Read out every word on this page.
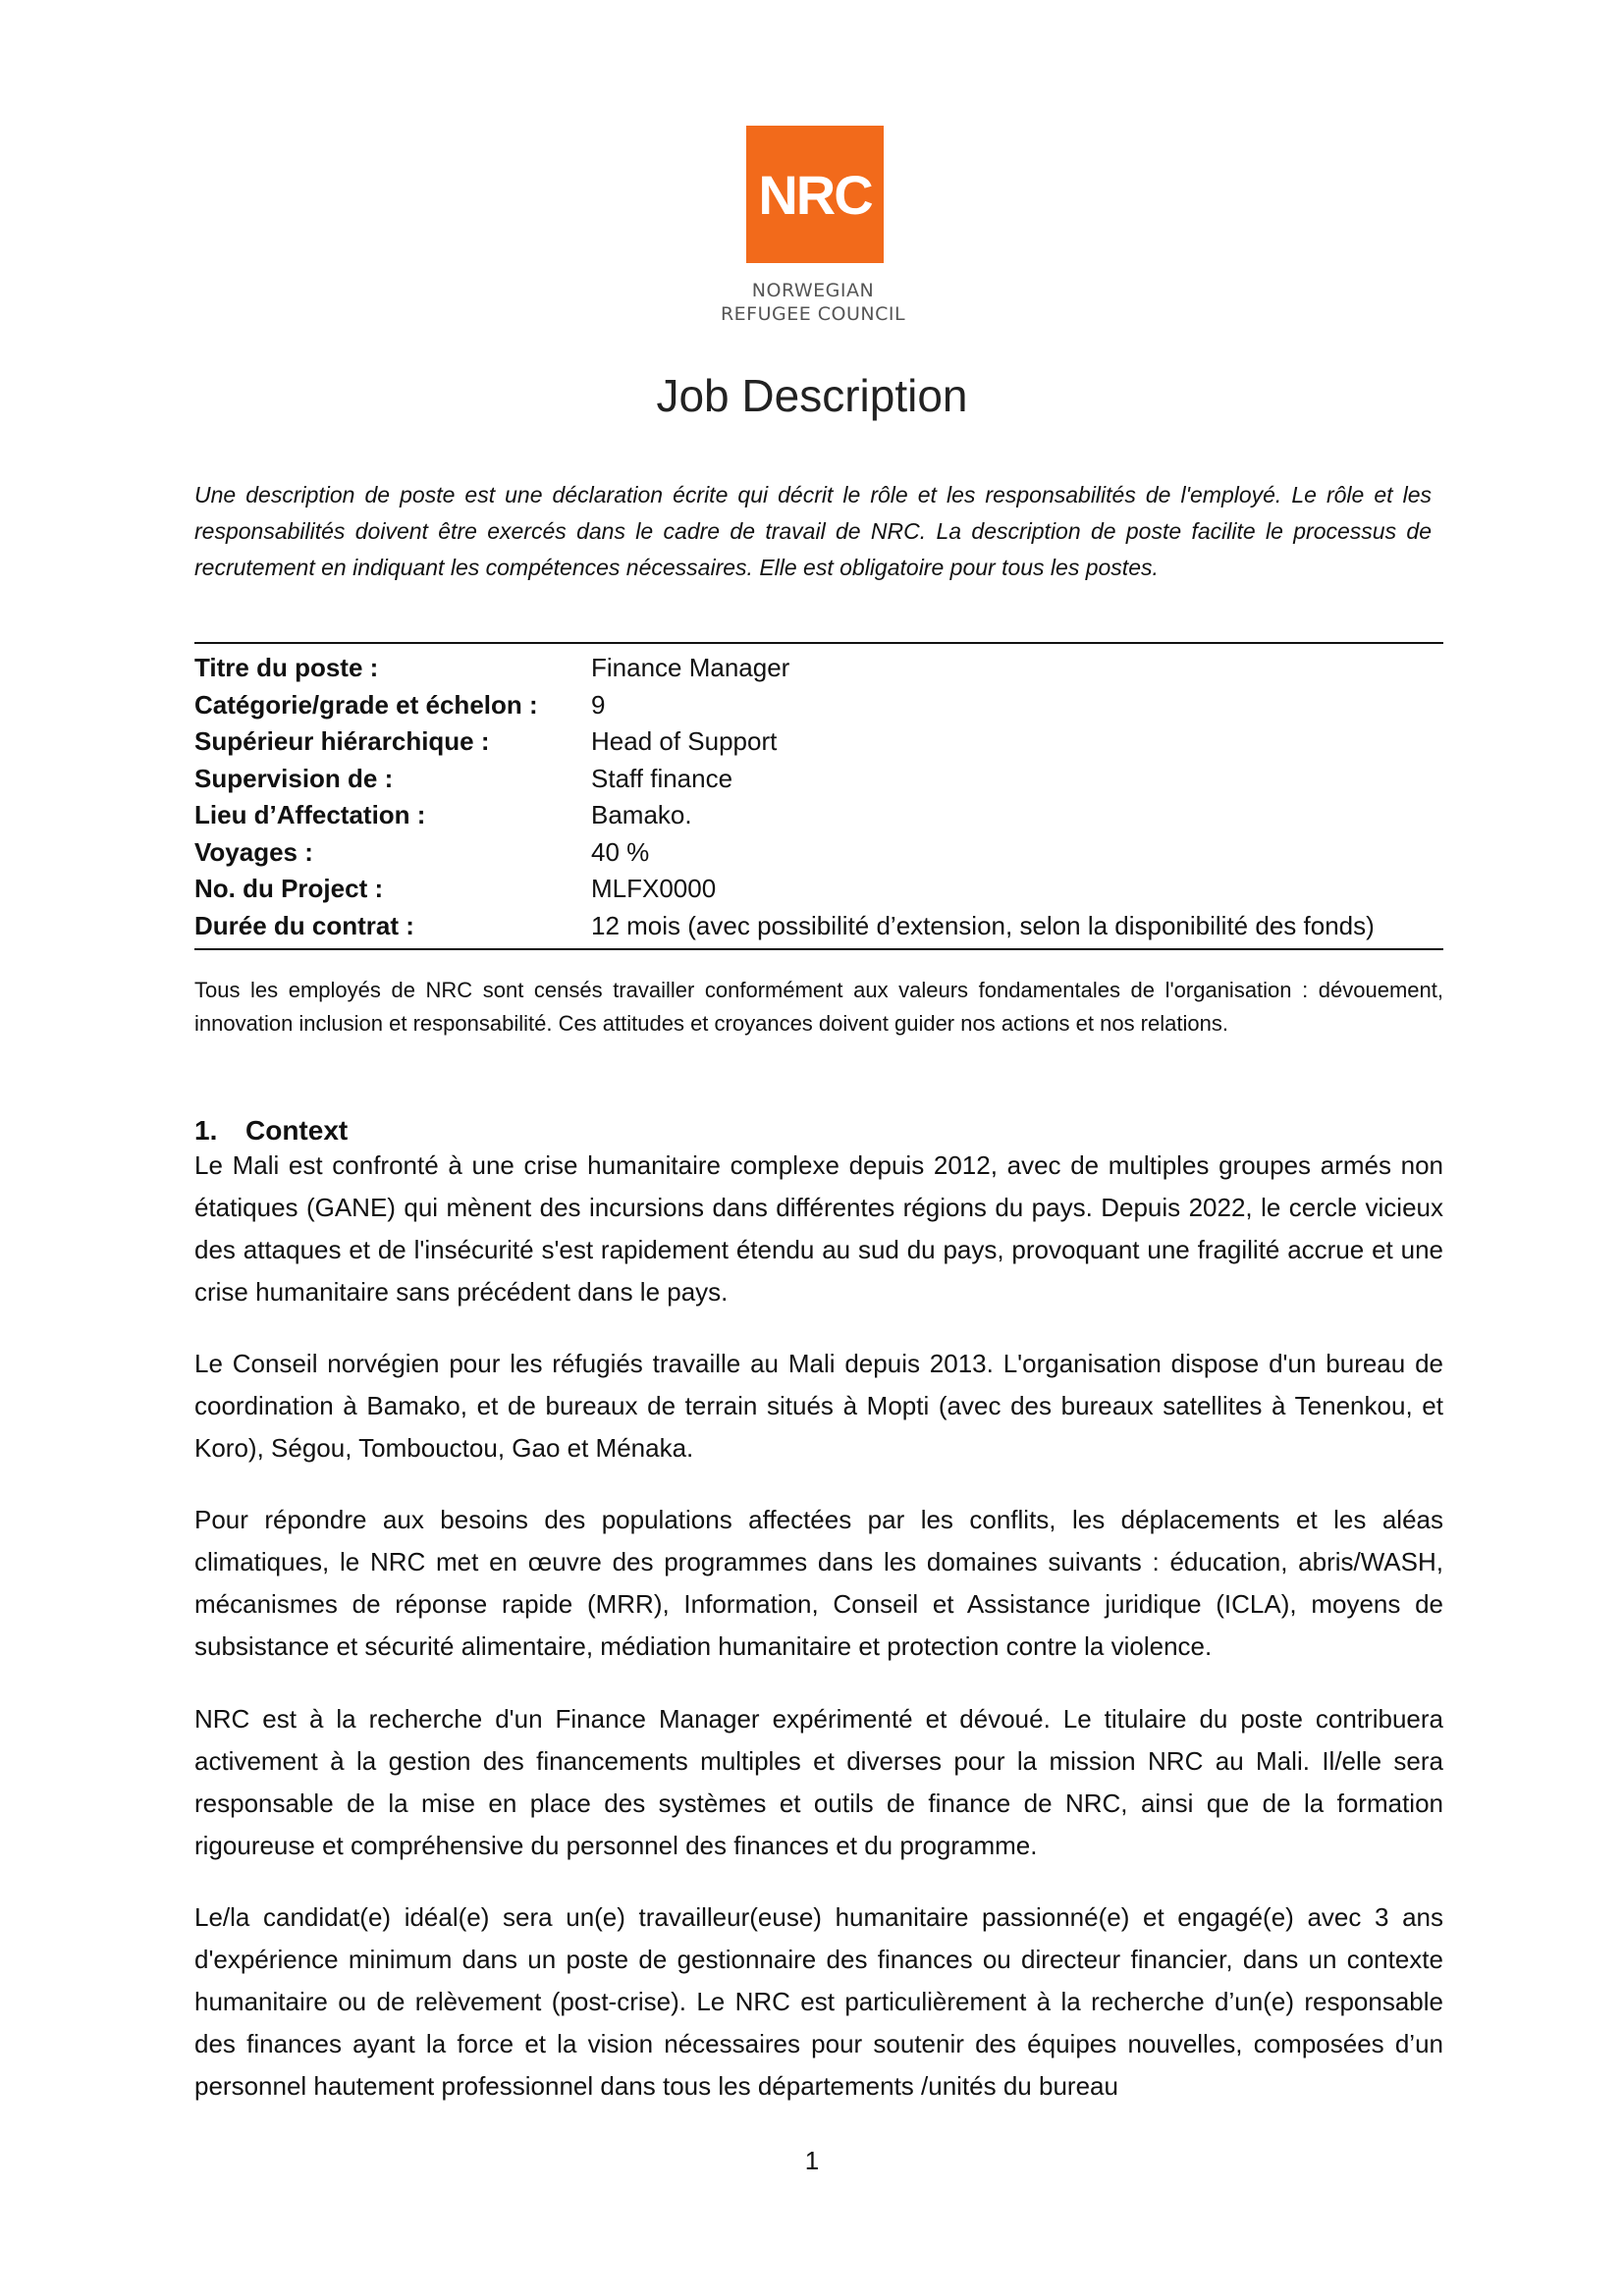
NRC
NORWEGIAN
REFUGEE COUNCIL
Job Description
Une description de poste est une déclaration écrite qui décrit le rôle et les responsabilités de l'employé. Le rôle et les responsabilités doivent être exercés dans le cadre de travail de NRC. La description de poste facilite le processus de recrutement en indiquant les compétences nécessaires. Elle est obligatoire pour tous les postes.
Titre du poste :	Finance Manager
Catégorie/grade et échelon :	9
Supérieur hiérarchique :	Head of Support
Supervision de :	Staff finance
Lieu d’Affectation :	Bamako.
Voyages :	40 %
No. du Project :	MLFX0000
Durée du contrat :	12 mois (avec possibilité d’extension, selon la disponibilité des fonds)
Tous les employés de NRC sont censés travailler conformément aux valeurs fondamentales de l'organisation : dévouement, innovation inclusion et responsabilité. Ces attitudes et croyances doivent guider nos actions et nos relations.
1. Context
Le Mali est confronté à une crise humanitaire complexe depuis 2012, avec de multiples groupes armés non étatiques (GANE) qui mènent des incursions dans différentes régions du pays. Depuis 2022, le cercle vicieux des attaques et de l'insécurité s'est rapidement étendu au sud du pays, provoquant une fragilité accrue et une crise humanitaire sans précédent dans le pays.
Le Conseil norvégien pour les réfugiés travaille au Mali depuis 2013. L'organisation dispose d'un bureau de coordination à Bamako, et de bureaux de terrain situés à Mopti (avec des bureaux satellites à Tenenkou, et Koro), Ségou, Tombouctou, Gao et Ménaka.
Pour répondre aux besoins des populations affectées par les conflits, les déplacements et les aléas climatiques, le NRC met en œuvre des programmes dans les domaines suivants : éducation, abris/WASH, mécanismes de réponse rapide (MRR), Information, Conseil et Assistance juridique (ICLA), moyens de subsistance et sécurité alimentaire, médiation humanitaire et protection contre la violence.
NRC est à la recherche d'un Finance Manager expérimenté et dévoué. Le titulaire du poste contribuera activement à la gestion des financements multiples et diverses pour la mission NRC au Mali. Il/elle sera responsable de la mise en place des systèmes et outils de finance de NRC, ainsi que de la formation rigoureuse et compréhensive du personnel des finances et du programme.
Le/la candidat(e) idéal(e) sera un(e) travailleur(euse) humanitaire passionné(e) et engagé(e) avec 3 ans d'expérience minimum dans un poste de gestionnaire des finances ou directeur financier, dans un contexte humanitaire ou de relèvement (post-crise). Le NRC est particulièrement à la recherche d’un(e) responsable des finances ayant la force et la vision nécessaires pour soutenir des équipes nouvelles, composées d’un personnel hautement professionnel dans tous les départements /unités du bureau
1
